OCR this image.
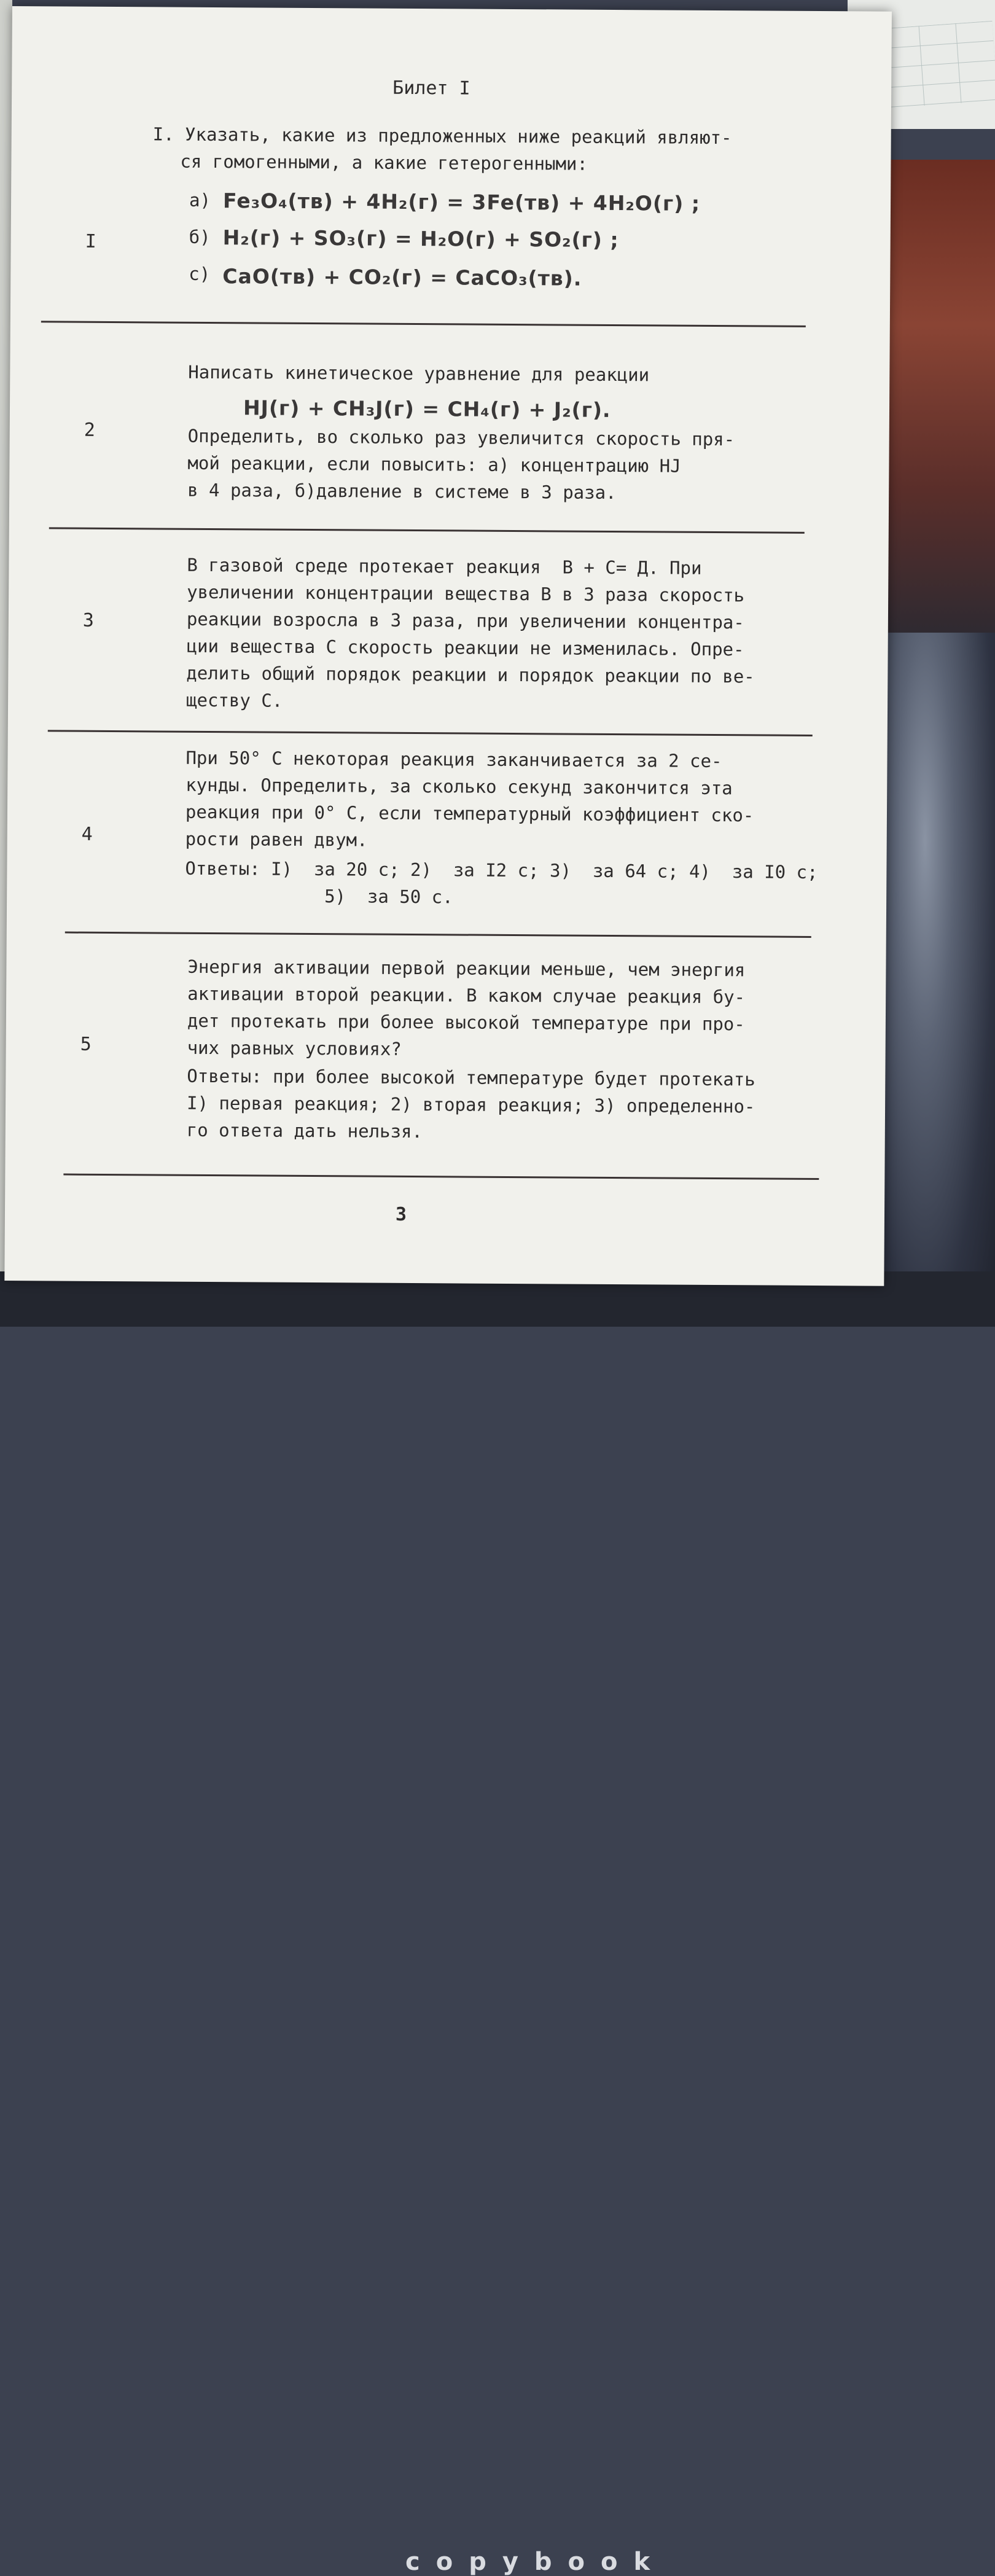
copybook
Билет I
I
I. Указать, какие из предложенных ниже реакций являют-
ся гомогенными, а какие гетерогенными:
а) Fe₃O₄(тв) + 4H₂(г) = 3Fe(тв) + 4H₂O(г) ;
б) H₂(г) + SO₃(г) = H₂O(г) + SO₂(г) ;
с) CaO(тв) + CO₂(г) = CaCO₃(тв).
2
Написать кинетическое уравнение для реакции
HJ(г) + CH₃J(г) = CH₄(г) + J₂(г).
Определить, во сколько раз увеличится скорость пря-
мой реакции, если повысить: а) концентрацию HJ
в 4 раза, б)давление в системе в 3 раза.
3
В газовой среде протекает реакция  В + С= Д. При
увеличении концентрации вещества В в 3 раза скорость
реакции возросла в 3 раза, при увеличении концентра-
ции вещества С скорость реакции не изменилась. Опре-
делить общий порядок реакции и порядок реакции по ве-
ществу С.
4
При 50° С некоторая реакция заканчивается за 2 се-
кунды. Определить, за сколько секунд закончится эта
реакция при 0° С, если температурный коэффициент ско-
рости равен двум.
Ответы: I)  за 20 с; 2)  за I2 с; 3)  за 64 с; 4)  за I0 с;
5)  за 50 с.
5
Энергия активации первой реакции меньше, чем энергия
активации второй реакции. В каком случае реакция бу-
дет протекать при более высокой температуре при про-
чих равных условиях?
Ответы: при более высокой температуре будет протекать
I) первая реакция; 2) вторая реакция; 3) определенно-
го ответа дать нельзя.
3
